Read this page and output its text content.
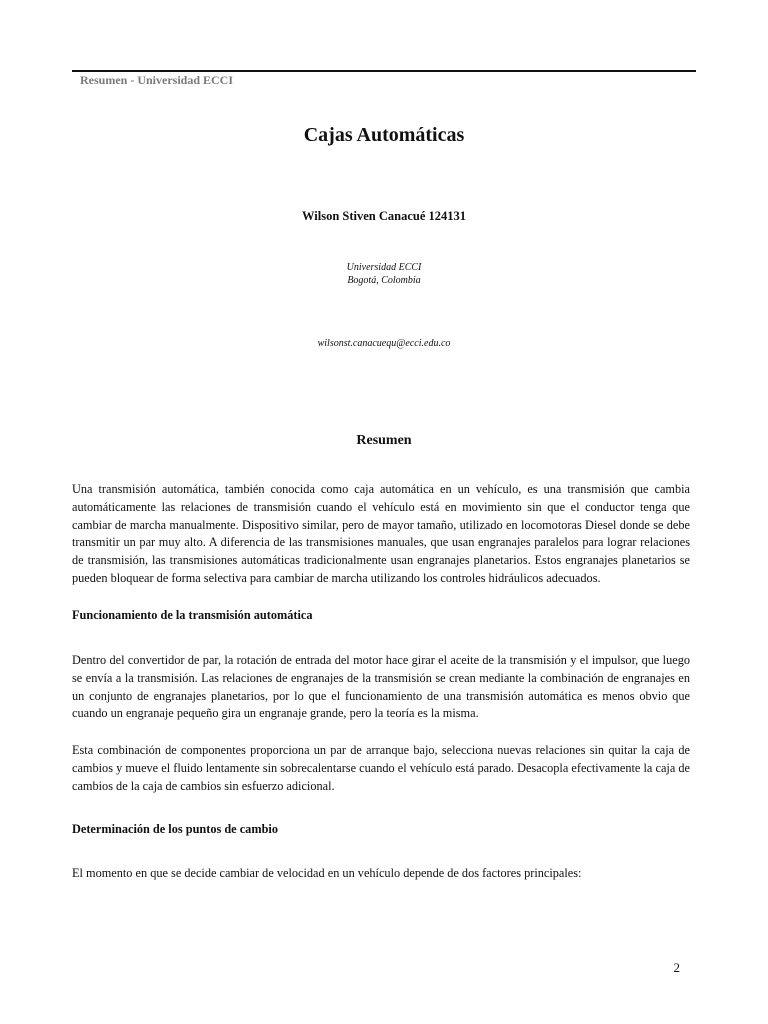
Resumen - Universidad ECCI
Cajas Automáticas
Wilson Stiven Canacué 124131
Universidad ECCI
Bogotá, Colombia
wilsonst.canacuequ@ecci.edu.co
Resumen

Una transmisión automática, también conocida como caja automática en un vehículo, es una transmisión que cambia automáticamente las relaciones de transmisión cuando el vehículo está en movimiento sin que el conductor tenga que cambiar de marcha manualmente. Dispositivo similar, pero de mayor tamaño, utilizado en locomotoras Diesel donde se debe transmitir un par muy alto. A diferencia de las transmisiones manuales, que usan engranajes paralelos para lograr relaciones de transmisión, las transmisiones automáticas tradicionalmente usan engranajes planetarios. Estos engranajes planetarios se pueden bloquear de forma selectiva para cambiar de marcha utilizando los controles hidráulicos adecuados.

Funcionamiento de la transmisión automática

Dentro del convertidor de par, la rotación de entrada del motor hace girar el aceite de la transmisión y el impulsor, que luego se envía a la transmisión. Las relaciones de engranajes de la transmisión se crean mediante la combinación de engranajes en un conjunto de engranajes planetarios, por lo que el funcionamiento de una transmisión automática es menos obvio que cuando un engranaje pequeño gira un engranaje grande, pero la teoría es la misma.

Esta combinación de componentes proporciona un par de arranque bajo, selecciona nuevas relaciones sin quitar la caja de cambios y mueve el fluido lentamente sin sobrecalentarse cuando el vehículo está parado. Desacopla efectivamente la caja de cambios de la caja de cambios sin esfuerzo adicional.

Determinación de los puntos de cambio

El momento en que se decide cambiar de velocidad en un vehículo depende de dos factores principales:

2
